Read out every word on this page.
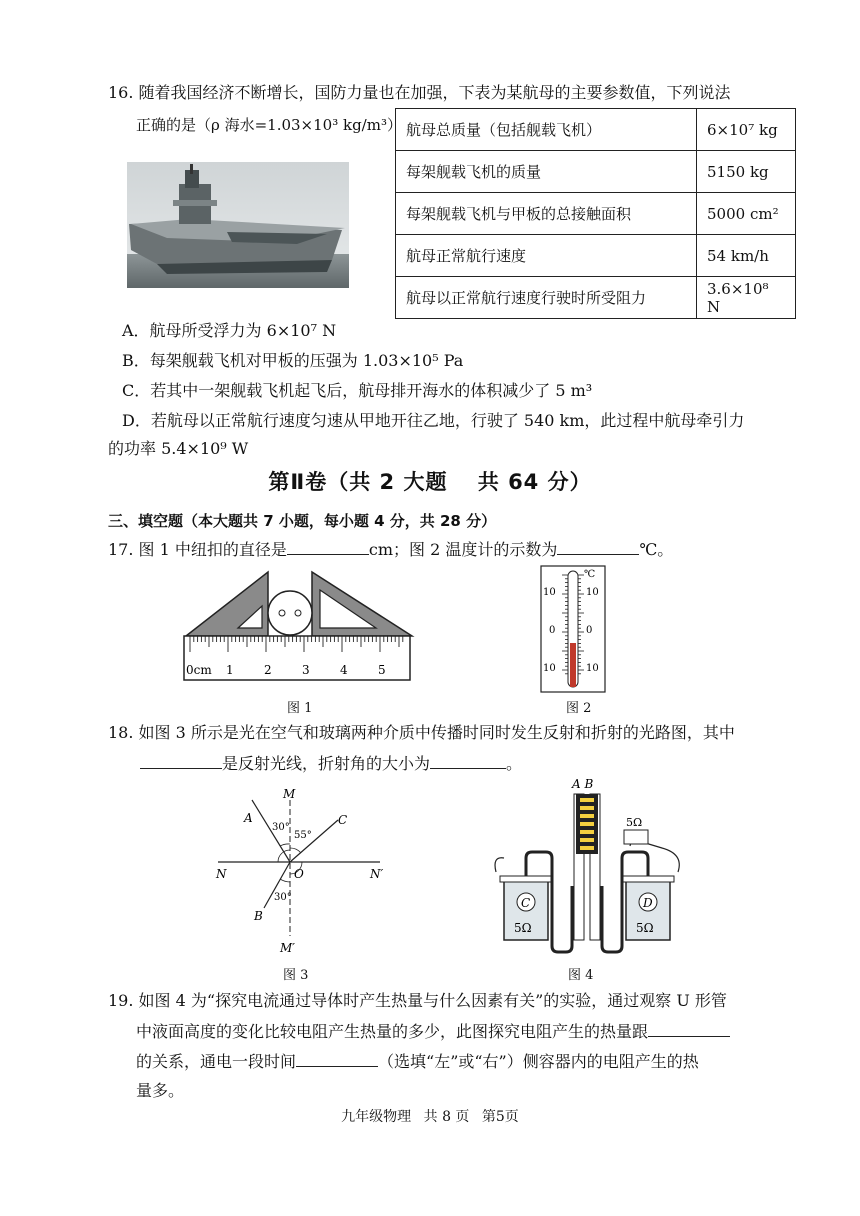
16. 随着我国经济不断增长，国防力量也在加强，下表为某航母的主要参数值，下列说法
正确的是（ρ 海水=1.03×10³ kg/m³） 航母总质量（包括舰载飞机）	6×10⁷ kg
每架舰载飞机的质量	5150 kg
每架舰载飞机与甲板的总接触面积	5000 cm²
航母正常航行速度	54 km/h
航母以正常航行速度行驶时所受阻力	3.6×10⁸ N
A．航母所受浮力为 6×10⁷ N
B．每架舰载飞机对甲板的压强为 1.03×10⁵ Pa
C．若其中一架舰载飞机起飞后，航母排开海水的体积减少了 5 m³
D．若航母以正常航行速度匀速从甲地开往乙地，行驶了 540 km，此过程中航母牵引力
的功率 5.4×10⁹ W
第Ⅱ卷（共 2 大题　 共 64 分）
三、填空题（本大题共 7 小题，每小题 4 分，共 28 分）
17. 图 1 中纽扣的直径是	cm；图 2 温度计的示数为	℃。
0cm 1	2	3	4	5
图 1
℃
10	10
0	0
10	10
图 2
18. 如图 3 所示是光在空气和玻璃两种介质中传播时同时发生反射和折射的光路图，其中
是反射光线，折射角的大小为	。
M
M′
N	N′
O
A	C
B
30°
55°
30°
图 3
C	D
5Ω	5Ω
5Ω
A B
图 4
19. 如图 4 为“探究电流通过导体时产生热量与什么因素有关”的实验，通过观察 U 形管
中液面高度的变化比较电阻产生热量的多少，此图探究电阻产生的热量跟
的关系，通电一段时间	（选填“左”或“右”）侧容器内的电阻产生的热
量多。
九年级物理 共 8 页 第5页
